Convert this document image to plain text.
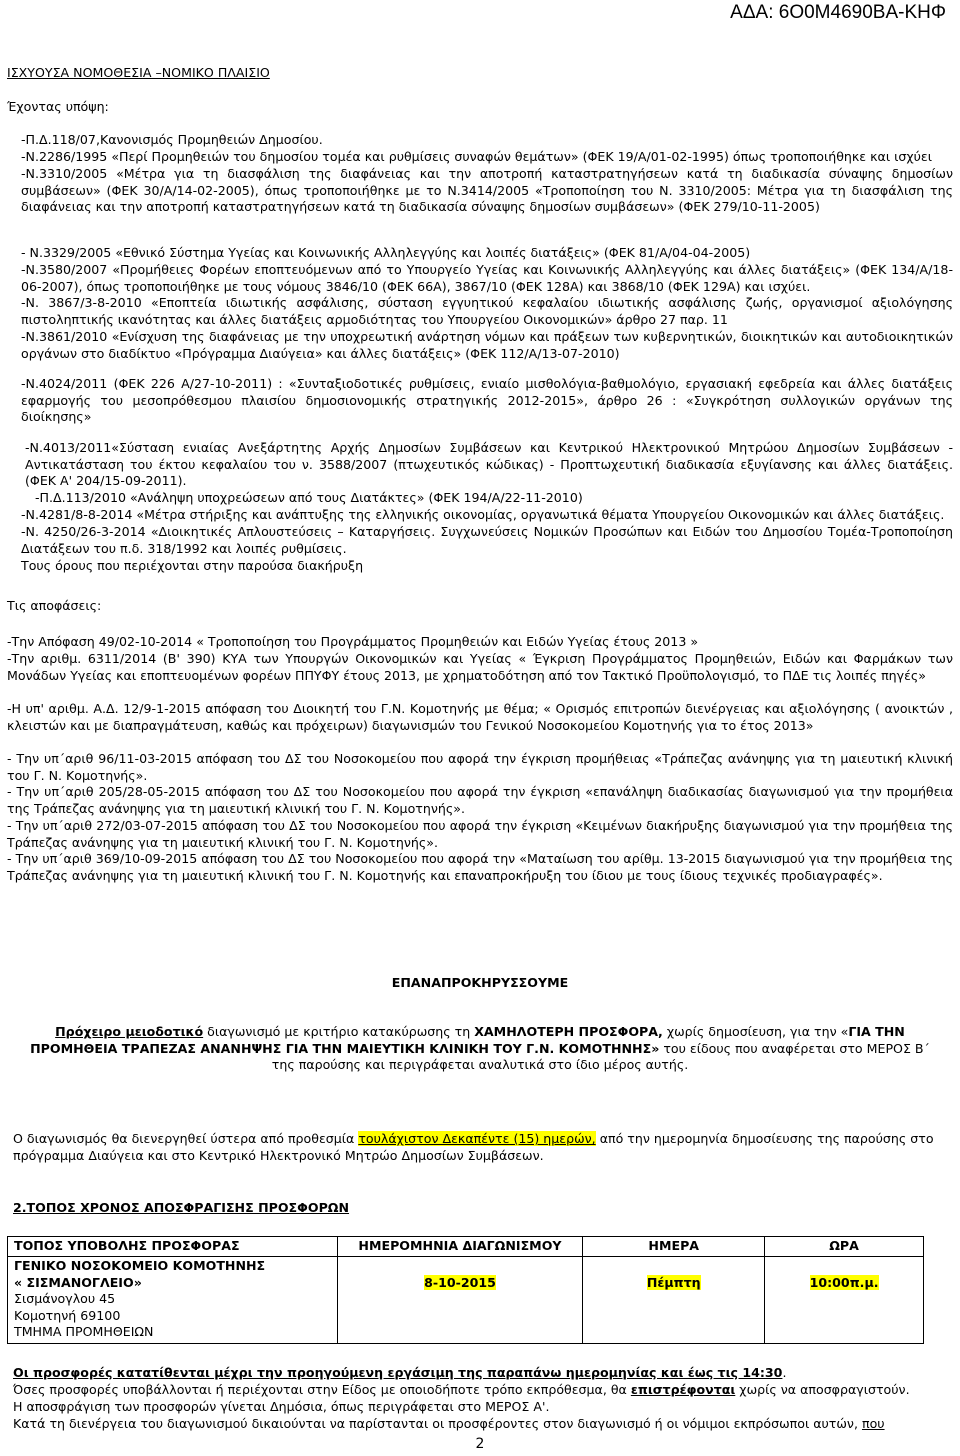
ΑΔΑ: 6Ο0Μ4690ΒΑ-ΚΗΦ
ΙΣΧΥΟΥΣΑ ΝΟΜΟΘΕΣΙΑ –ΝΟΜΙΚΟ ΠΛΑΙΣΙΟ
Έχοντας υπόψη:
-Π.Δ.118/07,Κανονισμός Προμηθειών Δημοσίου.
-Ν.2286/1995 «Περί Προμηθειών του δημοσίου τομέα και ρυθμίσεις συναφών θεμάτων» (ΦΕΚ 19/Α/01-02-1995) όπως τροποποιήθηκε και ισχύει
-Ν.3310/2005 «Μέτρα για τη διασφάλιση της διαφάνειας και την αποτροπή καταστρατηγήσεων κατά τη διαδικασία σύναψης δημοσίων συμβάσεων» (ΦΕΚ 30/Α/14-02-2005), όπως τροποποιήθηκε με το Ν.3414/2005 «Τροποποίηση του Ν. 3310/2005: Μέτρα για τη διασφάλιση της διαφάνειας και την αποτροπή καταστρατηγήσεων κατά τη διαδικασία σύναψης δημοσίων συμβάσεων» (ΦΕΚ 279/10-11-2005)
- Ν.3329/2005 «Εθνικό Σύστημα Υγείας και Κοινωνικής Αλληλεγγύης και λοιπές διατάξεις» (ΦΕΚ 81/Α/04-04-2005)
-Ν.3580/2007 «Προμήθειες Φορέων εποπτευόμενων από το Υπουργείο Υγείας και Κοινωνικής Αλληλεγγύης και άλλες διατάξεις» (ΦΕΚ 134/Α/18-06-2007), όπως τροποποιήθηκε με τους νόμους 3846/10 (ΦΕΚ 66Α), 3867/10 (ΦΕΚ 128Α) και 3868/10 (ΦΕΚ 129Α) και ισχύει.
-Ν. 3867/3-8-2010 «Εποπτεία ιδιωτικής ασφάλισης, σύσταση εγγυητικού κεφαλαίου ιδιωτικής ασφάλισης ζωής, οργανισμοί αξιολόγησης πιστοληπτικής ικανότητας και άλλες διατάξεις αρμοδιότητας του Υπουργείου Οικονομικών» άρθρο 27 παρ. 11
-Ν.3861/2010 «Ενίσχυση της διαφάνειας με την υποχρεωτική ανάρτηση νόμων και πράξεων των κυβερνητικών, διοικητικών και αυτοδιοικητικών οργάνων στο διαδίκτυο «Πρόγραμμα Διαύγεια» και άλλες διατάξεις» (ΦΕΚ 112/Α/13-07-2010)
-Ν.4024/2011 (ΦΕΚ 226 Α/27-10-2011) : «Συνταξιοδοτικές ρυθμίσεις, ενιαίο μισθολόγια-βαθμολόγιο, εργασιακή εφεδρεία και άλλες διατάξεις εφαρμογής του μεσοπρόθεσμου πλαισίου δημοσιονομικής στρατηγικής 2012-2015», άρθρο 26 : «Συγκρότηση συλλογικών οργάνων της διοίκησης»
-Ν.4013/2011«Σύσταση ενιαίας Ανεξάρτητης Αρχής Δημοσίων Συμβάσεων και Κεντρικού Ηλεκτρονικού Μητρώου Δημοσίων Συμβάσεων - Αντικατάσταση του έκτου κεφαλαίου του ν. 3588/2007 (πτωχευτικός κώδικας) - Προπτωχευτική διαδικασία εξυγίανσης και άλλες διατάξεις. (ΦΕΚ Α' 204/15-09-2011).
-Π.Δ.113/2010 «Ανάληψη υποχρεώσεων από τους Διατάκτες» (ΦΕΚ 194/Α/22-11-2010)
-Ν.4281/8-8-2014 «Μέτρα στήριξης και ανάπτυξης της ελληνικής οικονομίας, οργανωτικά θέματα Υπουργείου Οικονομικών και άλλες διατάξεις.
-Ν. 4250/26-3-2014 «Διοικητικές Απλουστεύσεις – Καταργήσεις. Συγχωνεύσεις Νομικών Προσώπων και Ειδών του Δημοσίου Τομέα-Τροποποίηση Διατάξεων του π.δ. 318/1992 και λοιπές ρυθμίσεις.
Τους όρους που περιέχονται στην παρούσα διακήρυξη
Τις αποφάσεις:
-Την Απόφαση 49/02-10-2014 « Τροποποίηση του Προγράμματος Προμηθειών και Ειδών Υγείας έτους 2013 »
-Την αριθμ. 6311/2014 (Β' 390) ΚΥΑ των Υπουργών Οικονομικών και Υγείας « Έγκριση Προγράμματος Προμηθειών, Ειδών και Φαρμάκων των Μονάδων Υγείας και εποπτευομένων φορέων ΠΠΥΦΥ έτους 2013, με χρηματοδότηση από τον Τακτικό Προϋπολογισμό, το ΠΔΕ τις λοιπές πηγές»
-Η υπ' αριθμ. Α.Δ. 12/9-1-2015 απόφαση του Διοικητή του Γ.Ν. Κομοτηνής με θέμα; « Ορισμός επιτροπών διενέργειας και αξιολόγησης ( ανοικτών , κλειστών και με διαπραγμάτευση, καθώς και πρόχειρων) διαγωνισμών του Γενικού Νοσοκομείου Κομοτηνής για το έτος 2013»
- Την υπ΄αριθ 96/11-03-2015 απόφαση του ΔΣ του Νοσοκομείου που αφορά την έγκριση προμήθειας «Τράπεζας ανάνηψης για τη μαιευτική κλινική του Γ. Ν. Κομοτηνής».
- Την υπ΄αριθ 205/28-05-2015 απόφαση του ΔΣ του Νοσοκομείου που αφορά την έγκριση «επανάληψη διαδικασίας διαγωνισμού για την προμήθεια της Τράπεζας ανάνηψης για τη μαιευτική κλινική του Γ. Ν. Κομοτηνής».
- Την υπ΄αριθ 272/03-07-2015 απόφαση του ΔΣ του Νοσοκομείου που αφορά την έγκριση «Κειμένων διακήρυξης διαγωνισμού για την προμήθεια της Τράπεζας ανάνηψης για τη μαιευτική κλινική του Γ. Ν. Κομοτηνής».
- Την υπ΄αριθ 369/10-09-2015 απόφαση του ΔΣ του Νοσοκομείου που αφορά την «Ματαίωση του αρίθμ. 13-2015 διαγωνισμού για την προμήθεια της Τράπεζας ανάνηψης για τη μαιευτική κλινική του Γ. Ν. Κομοτηνής και επαναπροκήρυξη του ίδιου με τους ίδιους τεχνικές προδιαγραφές».
ΕΠΑΝΑΠΡΟΚΗΡΥΣΣΟΥΜΕ
Πρόχειρο μειοδοτικό διαγωνισμό με κριτήριο κατακύρωσης τη ΧΑΜΗΛΟΤΕΡΗ ΠΡΟΣΦΟΡΑ, χωρίς δημοσίευση, για την «ΓΙΑ ΤΗΝ ΠΡΟΜΗΘΕΙΑ ΤΡΑΠΕΖΑΣ ΑΝΑΝΗΨΗΣ ΓΙΑ ΤΗΝ ΜΑΙΕΥΤΙΚΗ ΚΛΙΝΙΚΗ ΤΟΥ Γ.Ν. ΚΟΜΟΤΗΝΗΣ» του είδους που αναφέρεται στο ΜΕΡΟΣ Β΄ της παρούσης και περιγράφεται αναλυτικά στο ίδιο μέρος αυτής.
Ο διαγωνισμός θα διενεργηθεί ύστερα από προθεσμία τουλάχιστον Δεκαπέντε (15) ημερών, από την ημερομηνία δημοσίευσης της παρούσης στο πρόγραμμα Διαύγεια και στο Κεντρικό Ηλεκτρονικό Μητρώο Δημοσίων Συμβάσεων.
2.ΤΟΠΟΣ ΧΡΟΝΟΣ ΑΠΟΣΦΡΑΓΙΣΗΣ ΠΡΟΣΦΟΡΩΝ
ΤΟΠΟΣ ΥΠΟΒΟΛΗΣ ΠΡΟΣΦΟΡΑΣ	ΗΜΕΡΟΜΗΝΙΑ ΔΙΑΓΩΝΙΣΜΟΥ	ΗΜΕΡΑ	ΩΡΑ

ΓΕΝΙΚΟ ΝΟΣΟΚΟΜΕΙΟ ΚΟΜΟΤΗΝΗΣ
« ΣΙΣΜΑΝΟΓΛΕΙΟ»
Σισμάνογλου 45
Κομοτηνή 69100
ΤΜΗΜΑ ΠΡΟΜΗΘΕΙΩΝ	8-10-2015	Πέμπτη	10:00π.μ.
Οι προσφορές κατατίθενται μέχρι την προηγούμενη εργάσιμη της παραπάνω ημερομηνίας και έως τις 14:30.
Όσες προσφορές υποβάλλονται ή περιέχονται στην Είδος με οποιοδήποτε τρόπο εκπρόθεσμα, θα επιστρέφονται χωρίς να αποσφραγιστούν.
Η αποσφράγιση των προσφορών γίνεται Δημόσια, όπως περιγράφεται στο ΜΕΡΟΣ Α'.
Κατά τη διενέργεια του διαγωνισμού δικαιούνται να παρίστανται οι προσφέροντες στον διαγωνισμό ή οι νόμιμοι εκπρόσωποι αυτών, που
2
